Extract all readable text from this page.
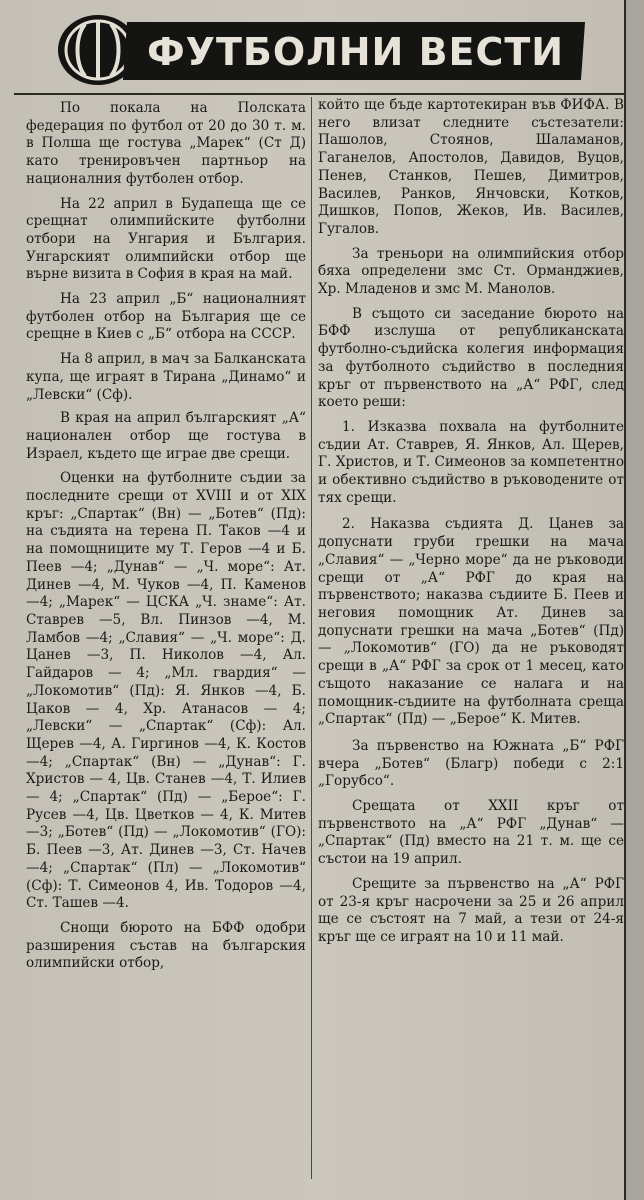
ФУТБОЛНИ ВЕСТИ

По покала на Полската федерация по футбол от 20 до 30 т. м. в Полша ще гостува „Марек“ (Ст Д) като тренировъчен партньор на националния футболен отбор.

На 22 април в Будапеща ще се срещнат олимпийските футболни отбори на Унгария и България. Унгарският олимпийски отбор ще върне визита в София в края на май.

На 23 април „Б“ националният футболен отбор на България ще се срещне в Киев с „Б“ отбора на СССР.

На 8 април, в мач за Балканската купа, ще играят в Тирана „Динамо“ и „Левски“ (Сф).

В края на април българският „А“ национален отбор ще гостува в Израел, където ще играе две срещи.

Оценки на футболните съдии за последните срещи от XVIII и от XIX кръг: „Спартак“ (Вн) — „Ботев“ (Пд): на съдията на терена П. Таков —4 и на помощниците му Т. Геров —4 и Б. Пеев —4; „Дунав“ — „Ч. море“: Ат. Динев —4, М. Чуков —4, П. Каменов —4; „Марек“ — ЦСКА „Ч. знаме“: Ат. Ставрев —5, Вл. Пинзов —4, М. Ламбов —4; „Славия“ — „Ч. море“: Д. Цанев —3, П. Николов —4, Ал. Гайдаров — 4; „Мл. гвардия“ — „Локомотив“ (Пд): Я. Янков —4, Б. Цаков — 4, Хр. Атанасов — 4; „Левски“ — „Спартак“ (Сф): Ал. Щерев —4, А. Гиргинов —4, К. Костов —4; „Спартак“ (Вн) — „Дунав“: Г. Христов — 4, Цв. Станев —4, Т. Илиев — 4; „Спартак“ (Пд) — „Берое“: Г. Русев —4, Цв. Цветков — 4, К. Митев —3; „Ботев“ (Пд) — „Локомотив“ (ГО): Б. Пеев —3, Ат. Динев —3, Ст. Начев —4; „Спартак“ (Пл) — „Локомотив“ (Сф): Т. Симеонов 4, Ив. Тодоров —4, Ст. Ташев —4.

Снощи бюрото на БФФ одобри разширения състав на българския олимпийски отбор,

който ще бъде картотекиран във ФИФА. В него влизат следните състезатели: Пашолов, Стоянов, Шаламанов, Гаганелов, Апостолов, Давидов, Вуцов, Пенев, Станков, Пешев, Димитров, Василев, Ранков, Янчовски, Котков, Дишков, Попов, Жеков, Ив. Василев, Гугалов.

За треньори на олимпийския отбор бяха определени змс Ст. Орманджиев, Хр. Младенов и змс М. Манолов.

В същото си заседание бюрото на БФФ изслуша от републиканската футболно-съдийска колегия информация за футболното съдийство в последния кръг от първенството на „А“ РФГ, след което реши:

1. Изказва похвала на футболните съдии Ат. Ставрев, Я. Янков, Ал. Щерев, Г. Христов, и Т. Симеонов за компетентно и обективно съдийство в ръководените от тях срещи.

2. Наказва съдията Д. Цанев за допуснати груби грешки на мача „Славия“ — „Черно море“ да не ръководи срещи от „А“ РФГ до края на първенството; наказва съдиите Б. Пеев и неговия помощник Ат. Динев за допуснати грешки на мача „Ботев“ (Пд) — „Локомотив“ (ГО) да не ръководят срещи в „А“ РФГ за срок от 1 месец, като същото наказание се налага и на помощник-съдиите на футболната среща „Спартак“ (Пд) — „Берое“ К. Митев.

За първенство на Южната „Б“ РФГ вчера „Ботев“ (Благр) победи с 2:1 „Горубсо“.

Срещата от XXII кръг от първенството на „А“ РФГ „Дунав“ — „Спартак“ (Пд) вместо на 21 т. м. ще се състои на 19 април.

Срещите за първенство на „А“ РФГ от 23-я кръг насрочени за 25 и 26 април ще се състоят на 7 май, а тези от 24-я кръг ще се играят на 10 и 11 май.
